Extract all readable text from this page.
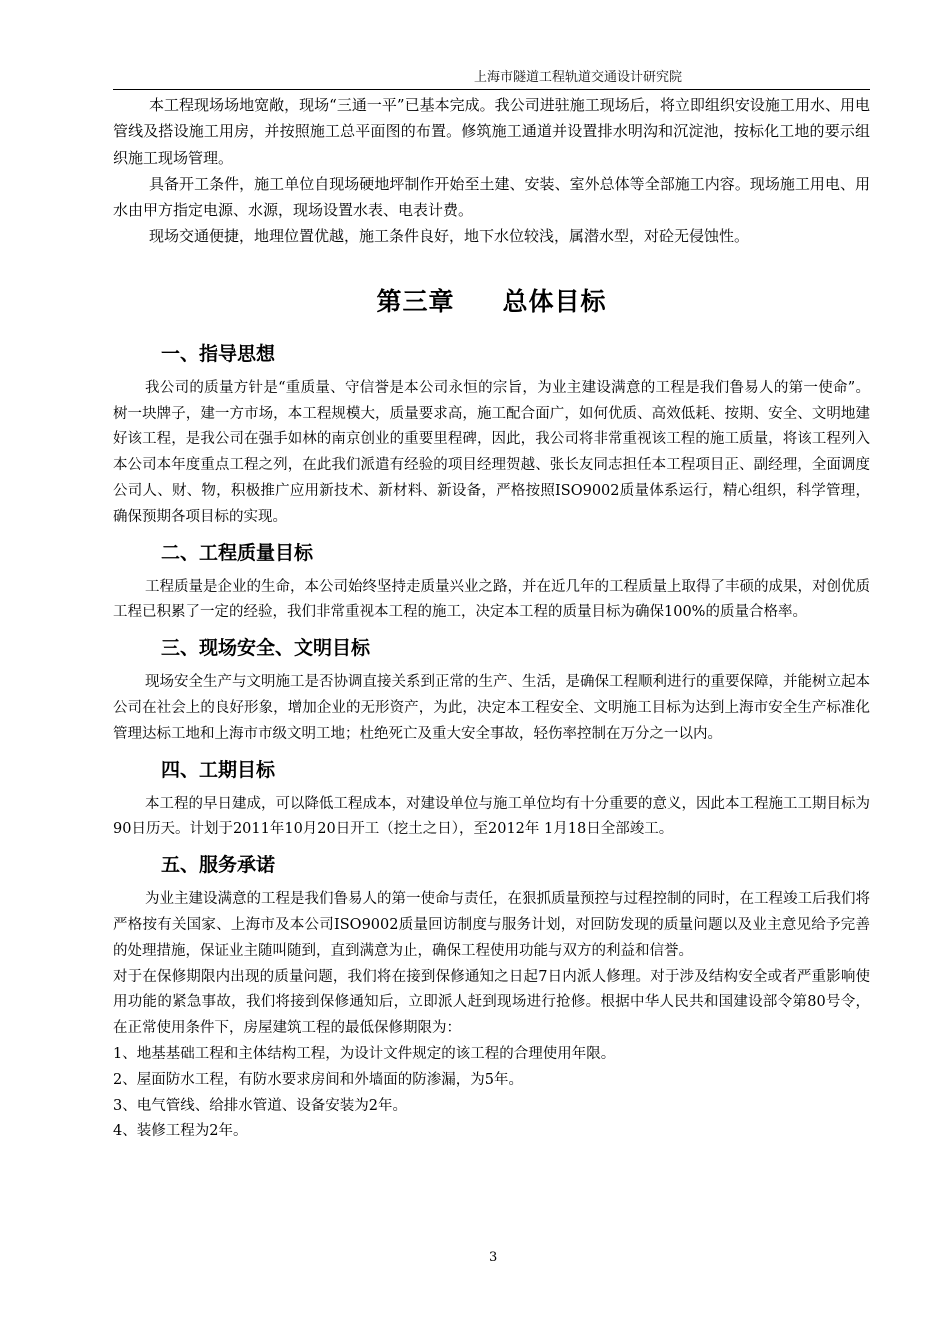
上海市隧道工程轨道交通设计研究院

本工程现场场地宽敞，现场“三通一平”已基本完成。我公司进驻施工现场后，将立即组织安设施工用水、用电管线及搭设施工用房，并按照施工总平面图的布置。修筑施工通道并设置排水明沟和沉淀池，按标化工地的要示组织施工现场管理。

具备开工条件，施工单位自现场硬地坪制作开始至土建、安装、室外总体等全部施工内容。现场施工用电、用水由甲方指定电源、水源，现场设置水表、电表计费。

现场交通便捷，地理位置优越，施工条件良好，地下水位较浅，属潜水型，对砼无侵蚀性。

第三章 总体目标
一、指导思想

我公司的质量方针是“重质量、守信誉是本公司永恒的宗旨，为业主建设满意的工程是我们鲁易人的第一使命”。树一块牌子，建一方市场，本工程规模大，质量要求高，施工配合面广，如何优质、高效低耗、按期、安全、文明地建好该工程，是我公司在强手如林的南京创业的重要里程碑，因此，我公司将非常重视该工程的施工质量，将该工程列入本公司本年度重点工程之列，在此我们派遣有经验的项目经理贺越、张长友同志担任本工程项目正、副经理，全面调度公司人、财、物，积极推广应用新技术、新材料、新设备，严格按照ISO9002质量体系运行，精心组织，科学管理，确保预期各项目标的实现。

二、工程质量目标

工程质量是企业的生命，本公司始终坚持走质量兴业之路，并在近几年的工程质量上取得了丰硕的成果，对创优质工程已积累了一定的经验，我们非常重视本工程的施工，决定本工程的质量目标为确保100%的质量合格率。

三、现场安全、文明目标

现场安全生产与文明施工是否协调直接关系到正常的生产、生活，是确保工程顺利进行的重要保障，并能树立起本公司在社会上的良好形象，增加企业的无形资产，为此，决定本工程安全、文明施工目标为达到上海市安全生产标准化管理达标工地和上海市市级文明工地；杜绝死亡及重大安全事故，轻伤率控制在万分之一以内。

四、工期目标

本工程的早日建成，可以降低工程成本，对建设单位与施工单位均有十分重要的意义，因此本工程施工工期目标为90日历天。计划于2011年10月20日开工（挖土之日），至2012年 1月18日全部竣工。

五、服务承诺

为业主建设满意的工程是我们鲁易人的第一使命与责任，在狠抓质量预控与过程控制的同时，在工程竣工后我们将严格按有关国家、上海市及本公司ISO9002质量回访制度与服务计划，对回防发现的质量问题以及业主意见给予完善的处理措施，保证业主随叫随到，直到满意为止，确保工程使用功能与双方的利益和信誉。

对于在保修期限内出现的质量问题，我们将在接到保修通知之日起7日内派人修理。对于涉及结构安全或者严重影响使用功能的紧急事故，我们将接到保修通知后，立即派人赶到现场进行抢修。根据中华人民共和国建设部令第80号令，在正常使用条件下，房屋建筑工程的最低保修期限为：

1、地基基础工程和主体结构工程，为设计文件规定的该工程的合理使用年限。

2、屋面防水工程，有防水要求房间和外墙面的防渗漏，为5年。

3、电气管线、给排水管道、设备安装为2年。

4、装修工程为2年。

3
